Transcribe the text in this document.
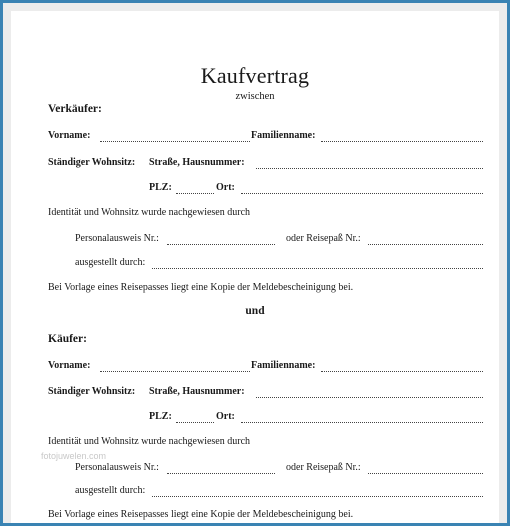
Kaufvertrag
zwischen
Verkäufer:
Vorname:	Familienname:
Ständiger Wohnsitz: Straße, Hausnummer:
PLZ:	Ort:
Identität und Wohnsitz wurde nachgewiesen durch
Personalausweis Nr.:	oder Reisepaß Nr.:
ausgestellt durch:
Bei Vorlage eines Reisepasses liegt eine Kopie der Meldebescheinigung bei.
und
Käufer:
Vorname:	Familienname:
Ständiger Wohnsitz: Straße, Hausnummer:
PLZ:	Ort:
Identität und Wohnsitz wurde nachgewiesen durch
Personalausweis Nr.:	oder Reisepaß Nr.:
fotojuwelen.com
ausgestellt durch:
Bei Vorlage eines Reisepasses liegt eine Kopie der Meldebescheinigung bei.
